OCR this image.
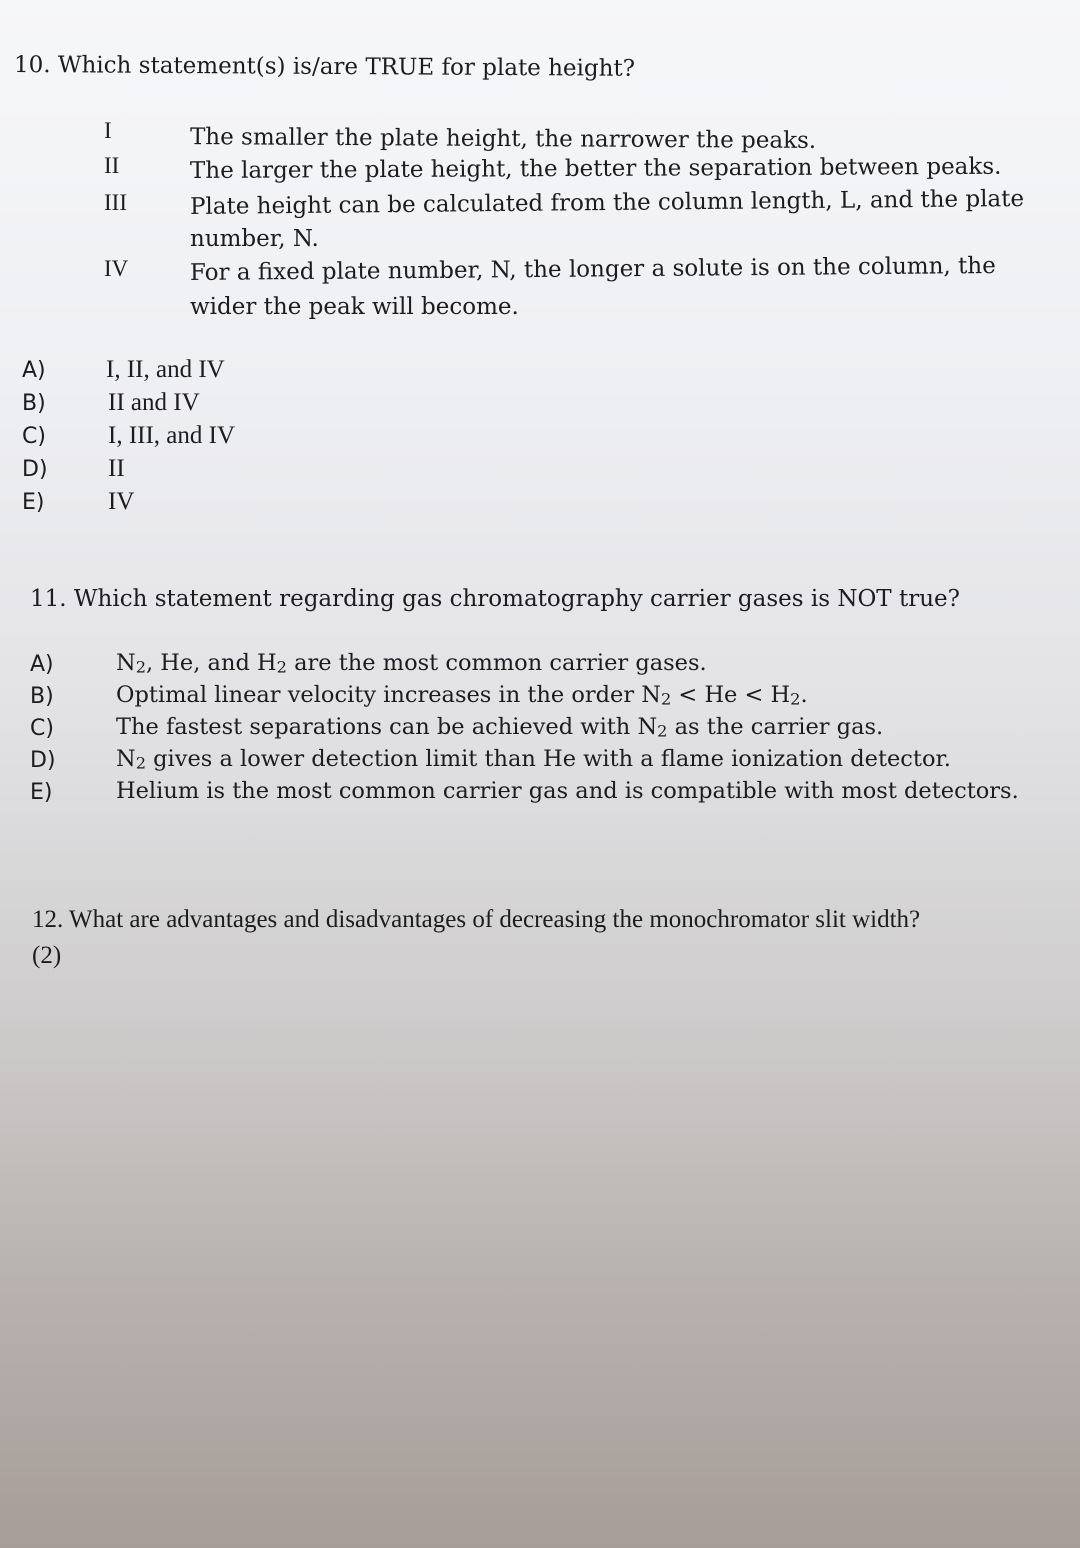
10. Which statement(s) is/are TRUE for plate height?
I	The smaller the plate height, the narrower the peaks.
II	The larger the plate height, the better the separation between peaks.
III	Plate height can be calculated from the column length, L, and the plate
number, N.
IV	For a fixed plate number, N, the longer a solute is on the column, the
wider the peak will become.
A) I, II, and IV
B) II and IV
C) I, III, and IV
D) II
E)	IV
11. Which statement regarding gas chromatography carrier gases is NOT true?
A)	$N_2$, He, and $H_2$ are the most common carrier gases.
B)	Optimal linear velocity increases in the order $N_2 < He < H_2$.
C)	The fastest separations can be achieved with $N_2$ as the carrier gas.
D)	$N_2$ gives a lower detection limit than He with a flame ionization detector.
E)	Helium is the most common carrier gas and is compatible with most detectors.
12. What are advantages and disadvantages of decreasing the monochromator slit width?
(2)
